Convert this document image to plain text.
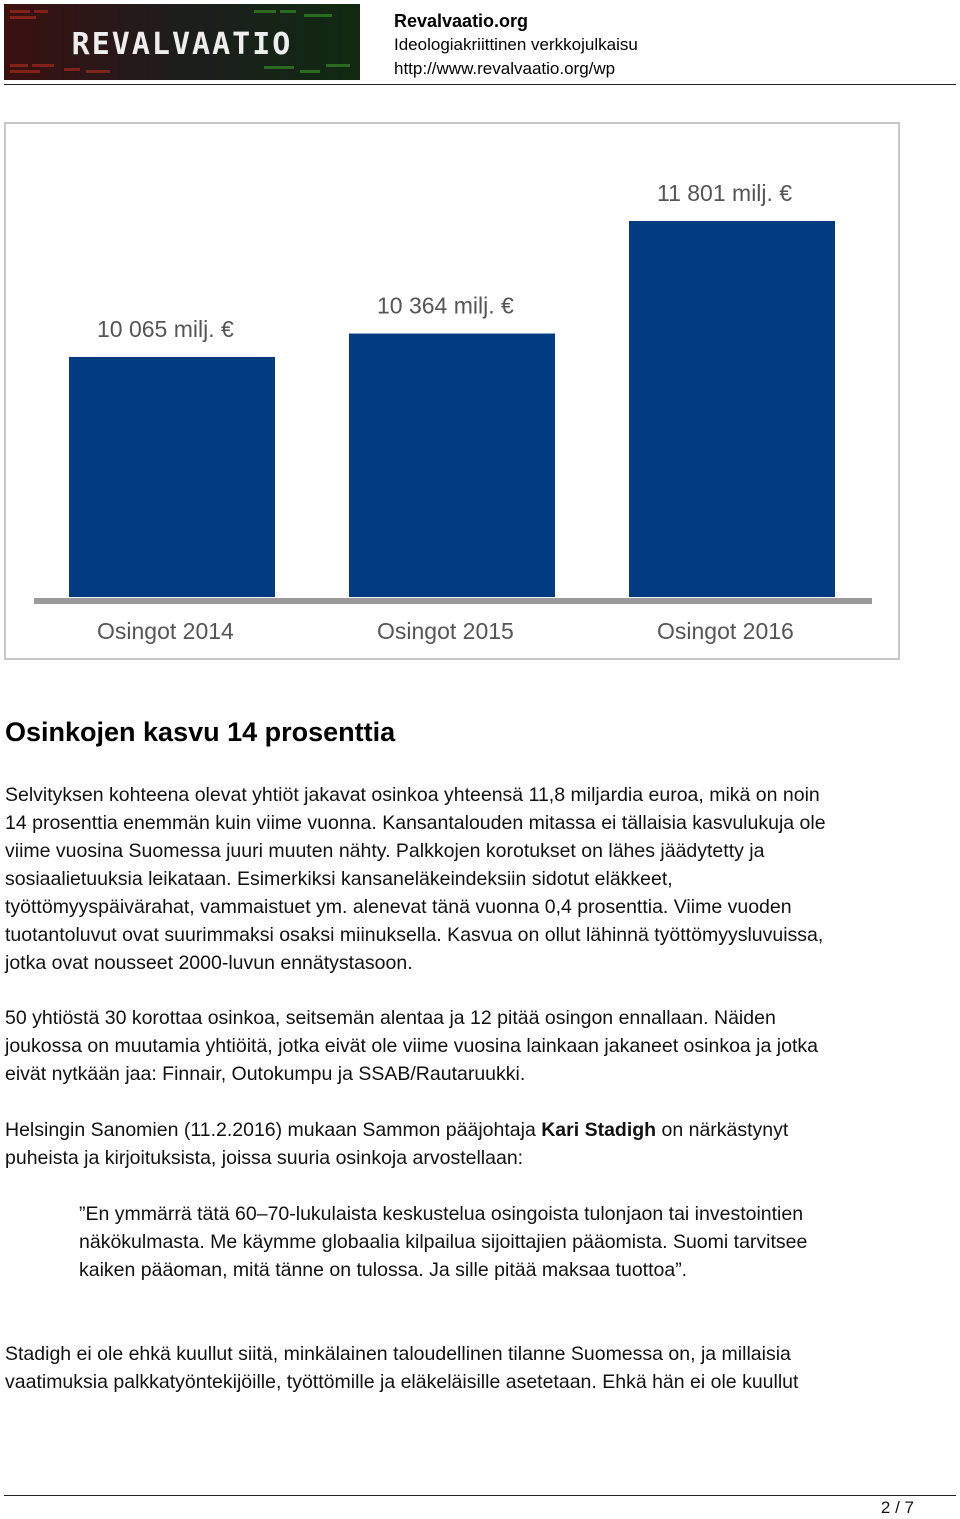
REVALVAATIO
Revalvaatio.org
Ideologiakriittinen verkkojulkaisu
http://www.revalvaatio.org/wp
10 065 milj. €
Osingot 2014
10 364 milj. €
Osingot 2015
11 801 milj. €
Osingot 2016
Osinkojen kasvu 14 prosenttia
Selvityksen kohteena olevat yhtiöt jakavat osinkoa yhteensä 11,8 miljardia euroa, mikä on noin
14 prosenttia enemmän kuin viime vuonna. Kansantalouden mitassa ei tällaisia kasvulukuja ole
viime vuosina Suomessa juuri muuten nähty. Palkkojen korotukset on lähes jäädytetty ja
sosiaalietuuksia leikataan. Esimerkiksi kansaneläkeindeksiin sidotut eläkkeet,
työttömyyspäivärahat, vammaistuet ym. alenevat tänä vuonna 0,4 prosenttia. Viime vuoden
tuotantoluvut ovat suurimmaksi osaksi miinuksella. Kasvua on ollut lähinnä työttömyysluvuissa,
jotka ovat nousseet 2000-luvun ennätystasoon.
50 yhtiöstä 30 korottaa osinkoa, seitsemän alentaa ja 12 pitää osingon ennallaan. Näiden
joukossa on muutamia yhtiöitä, jotka eivät ole viime vuosina lainkaan jakaneet osinkoa ja jotka
eivät nytkään jaa: Finnair, Outokumpu ja SSAB/Rautaruukki.
Helsingin Sanomien (11.2.2016) mukaan Sammon pääjohtaja Kari Stadigh on närkästynyt
puheista ja kirjoituksista, joissa suuria osinkoja arvostellaan:
”En ymmärrä tätä 60–70-lukulaista keskustelua osingoista tulonjaon tai investointien
näkökulmasta. Me käymme globaalia kilpailua sijoittajien pääomista. Suomi tarvitsee
kaiken pääoman, mitä tänne on tulossa. Ja sille pitää maksaa tuottoa”.
Stadigh ei ole ehkä kuullut siitä, minkälainen taloudellinen tilanne Suomessa on, ja millaisia
vaatimuksia palkkatyöntekijöille, työttömille ja eläkeläisille asetetaan. Ehkä hän ei ole kuullut
2 / 7
